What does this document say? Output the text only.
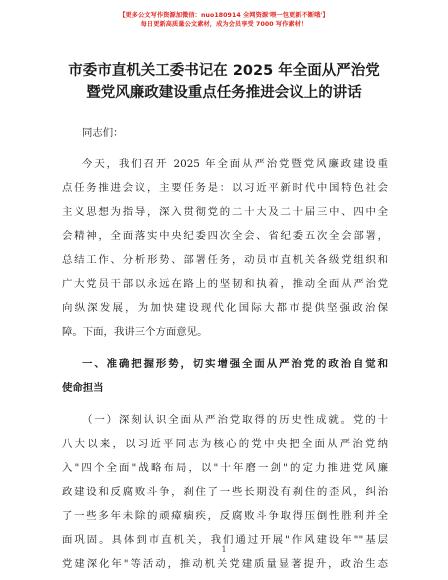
【更多公文写作资源加微信：nuo180914 全网资源'喂一包更新不断哦'】
每日更新高质量公文素材，成为会员享受 7000 写作素材！
市委市直机关工委书记在 2025 年全面从严治党
暨党风廉政建设重点任务推进会议上的讲话
同志们：
今天，我们召开 2025 年全面从严治党暨党风廉政建设重
点任务推进会议，主要任务是：以习近平新时代中国特色社会
主义思想为指导，深入贯彻党的二十大及二十届三中、四中全
会精神，全面落实中央纪委四次全会、省纪委五次全会部署，
总结工作、分析形势、部署任务，动员市直机关各级党组织和
广大党员干部以永远在路上的坚韧和执着，推动全面从严治党
向纵深发展，为加快建设现代化国际大都市提供坚强政治保
障。下面，我讲三个方面意见。
一、准确把握形势，切实增强全面从严治党的政治自觉和
使命担当
（一）深刻认识全面从严治党取得的历史性成就。党的十
八大以来，以习近平同志为核心的党中央把全面从严治党纳
入"四个全面"战略布局，以"十年磨一剑"的定力推进党风廉
政建设和反腐败斗争，刹住了一些长期没有刹住的歪风，纠治
了一些多年未除的顽瘴痼疾，反腐败斗争取得压倒性胜利并全
面巩固。具体到市直机关，我们通过开展"作风建设年""基层
党建深化年"等活动，推动机关党建质量显著提升，政治生态
1
